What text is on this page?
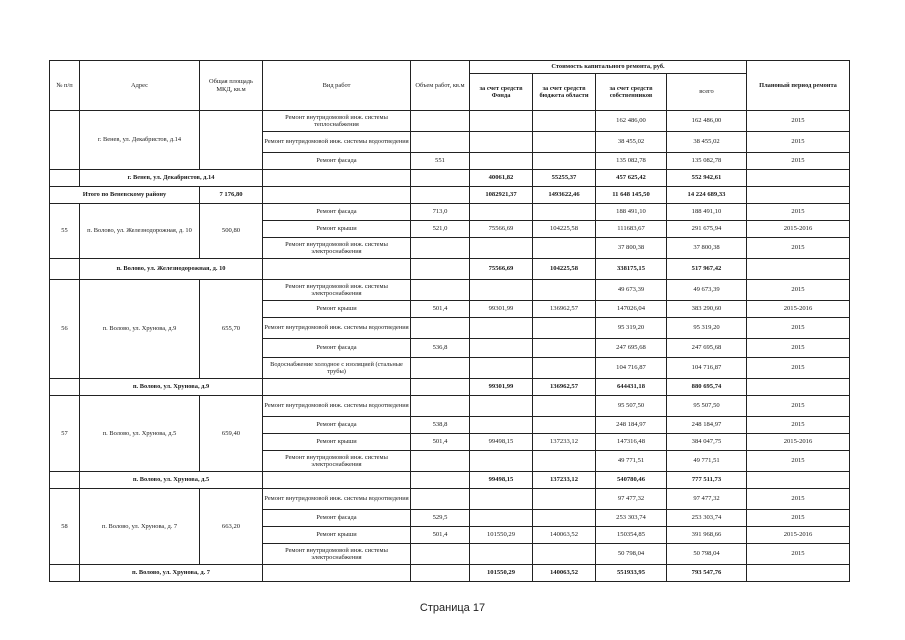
№ п/п	Адрес	Общая площадь МКД, кв.м	Вид работ	Объем работ, кв.м	Стоимость капитального ремонта, руб.				Плановый период ремонта
					за счет средств Фонда	за счет средств бюджета области	за счет средств собственников	всего	
	г. Венев, ул. Декабристов, д.14		Ремонт внутридомовой инж. системы теплоснабжения				162 486,00	162 486,00	2015
			Ремонт внутридомовой инж. системы водоотведения				38 455,02	38 455,02	2015
			Ремонт фасада	551			135 082,78	135 082,78	2015
	г. Венев, ул. Декабристов, д.14				40061,82	55255,37	457 625,42	552 942,61	
Итого по Веневскому району		7 176,80			1082921,37	1493622,46	11 648 145,50	14 224 689,33	
55	п. Волово, ул. Железнодорожная, д. 10	500,80	Ремонт фасада	713,0			188 491,10	188 491,10	2015
			Ремонт крыши	521,0	75566,69	104225,58	111683,67	291 675,94	2015-2016
			Ремонт внутридомовой инж. системы электроснабжения				37 800,38	37 800,38	2015
	п. Волово, ул. Железнодорожная, д. 10				75566,69	104225,58	338175,15	517 967,42	
56	п. Волово, ул. Хрунова, д.9	655,70	Ремонт внутридомовой инж. системы электроснабжения				49 673,39	49 673,39	2015
			Ремонт крыши	501,4	99301,99	136962,57	147026,04	383 290,60	2015-2016
			Ремонт внутридомовой инж. системы водоотведения				95 319,20	95 319,20	2015
			Ремонт фасада	536,8			247 695,68	247 695,68	2015
			Водоснабжение холодное с изоляцией (стальные трубы)				104 716,87	104 716,87	2015
	п. Волово, ул. Хрунова, д.9				99301,99	136962,57	644431,18	880 695,74	
57	п. Волово, ул. Хрунова, д.5	659,40	Ремонт внутридомовой инж. системы водоотведения				95 507,50	95 507,50	2015
			Ремонт фасада	538,8			248 184,97	248 184,97	2015
			Ремонт крыши	501,4	99498,15	137233,12	147316,48	384 047,75	2015-2016
			Ремонт внутридомовой инж. системы электроснабжения				49 771,51	49 771,51	2015
	п. Волово, ул. Хрунова, д.5				99498,15	137233,12	540780,46	777 511,73	
58	п. Волово, ул. Хрунова, д. 7	663,20	Ремонт внутридомовой инж. системы водоотведения				97 477,32	97 477,32	2015
			Ремонт фасада	529,5			253 303,74	253 303,74	2015
			Ремонт крыши	501,4	101550,29	140063,52	150354,85	391 968,66	2015-2016
			Ремонт внутридомовой инж. системы электроснабжения				50 798,04	50 798,04	2015
	п. Волово, ул. Хрунова, д. 7				101550,29	140063,52	551933,95	793 547,76	
Страница 17
